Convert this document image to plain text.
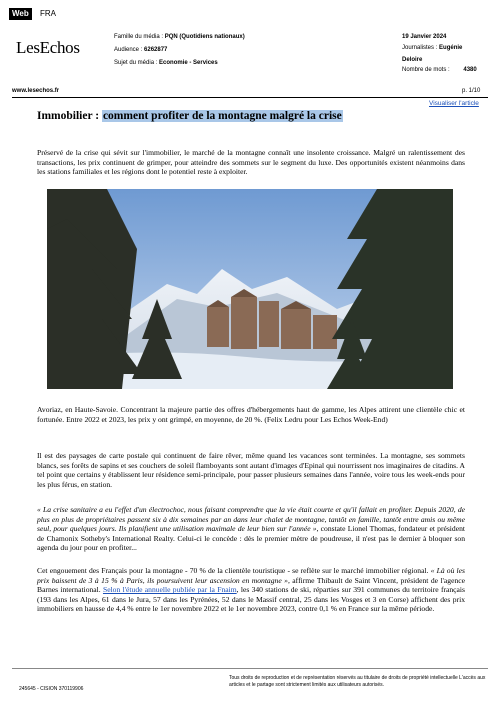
Web	FRA
LesEchos
Famille du média : PQN (Quotidiens nationaux)
Audience : 6262877
Sujet du média : Economie - Services
19 Janvier 2024
Journalistes : Eugénie
Deloire
Nombre de mots : 4380
www.lesechos.fr	p. 1/10
Visualiser l'article
Immobilier : comment profiter de la montagne malgré la crise
Préservé de la crise qui sévit sur l'immobilier, le marché de la montagne connaît une insolente croissance. Malgré un ralentissement des transactions, les prix continuent de grimper, pour atteindre des sommets sur le segment du luxe. Des opportunités existent néanmoins dans les stations familiales et les régions dont le potentiel reste à exploiter.
Avoriaz, en Haute-Savoie. Concentrant la majeure partie des offres d'hébergements haut de gamme, les Alpes attirent une clientèle chic et fortunée. Entre 2022 et 2023, les prix y ont grimpé, en moyenne, de 20 %. (Felix Ledru pour Les Echos Week-End)
Il est des paysages de carte postale qui continuent de faire rêver, même quand les vacances sont terminées. La montagne, ses sommets blancs, ses forêts de sapins et ses couchers de soleil flamboyants sont autant d'images d'Epinal qui nourrissent nos imaginaires de citadins. A tel point que certains y établissent leur résidence semi-principale, pour passer plusieurs semaines dans l'année, voire tous les week-ends pour les plus férus, en station.
« La crise sanitaire a eu l'effet d'un électrochoc, nous faisant comprendre que la vie était courte et qu'il fallait en profiter. Depuis 2020, de plus en plus de propriétaires passent six à dix semaines par an dans leur chalet de montagne, tantôt en famille, tantôt entre amis ou même seul, pour quelques jours. Ils planifient une utilisation maximale de leur bien sur l'année », constate Lionel Thomas, fondateur et président de Chamonix Sotheby's International Realty. Celui-ci le concède : dès le premier mètre de poudreuse, il n'est pas le dernier à bloquer son agenda du jour pour en profiter...
Cet engouement des Français pour la montagne - 70 % de la clientèle touristique - se reflète sur le marché immobilier régional. « Là où les prix baissent de 3 à 15 % à Paris, ils poursuivent leur ascension en montagne », affirme Thibault de Saint Vincent, président de l'agence Barnes international. Selon l'étude annuelle publiée par la Fnaim, les 340 stations de ski, réparties sur 391 communes du territoire français (193 dans les Alpes, 61 dans le Jura, 57 dans les Pyrénées, 52 dans le Massif central, 25 dans les Vosges et 3 en Corse) affichent des prix immobiliers en hausse de 4,4 % entre le 1er novembre 2022 et le 1er novembre 2023, contre 0,1 % en France sur la même période.
245645 - CISION 370119906
Tous droits de reproduction et de représentation réservés au titulaire de droits de propriété intellectuelle L'accès aux articles et le partage sont strictement limités aux utilisateurs autorisés.
